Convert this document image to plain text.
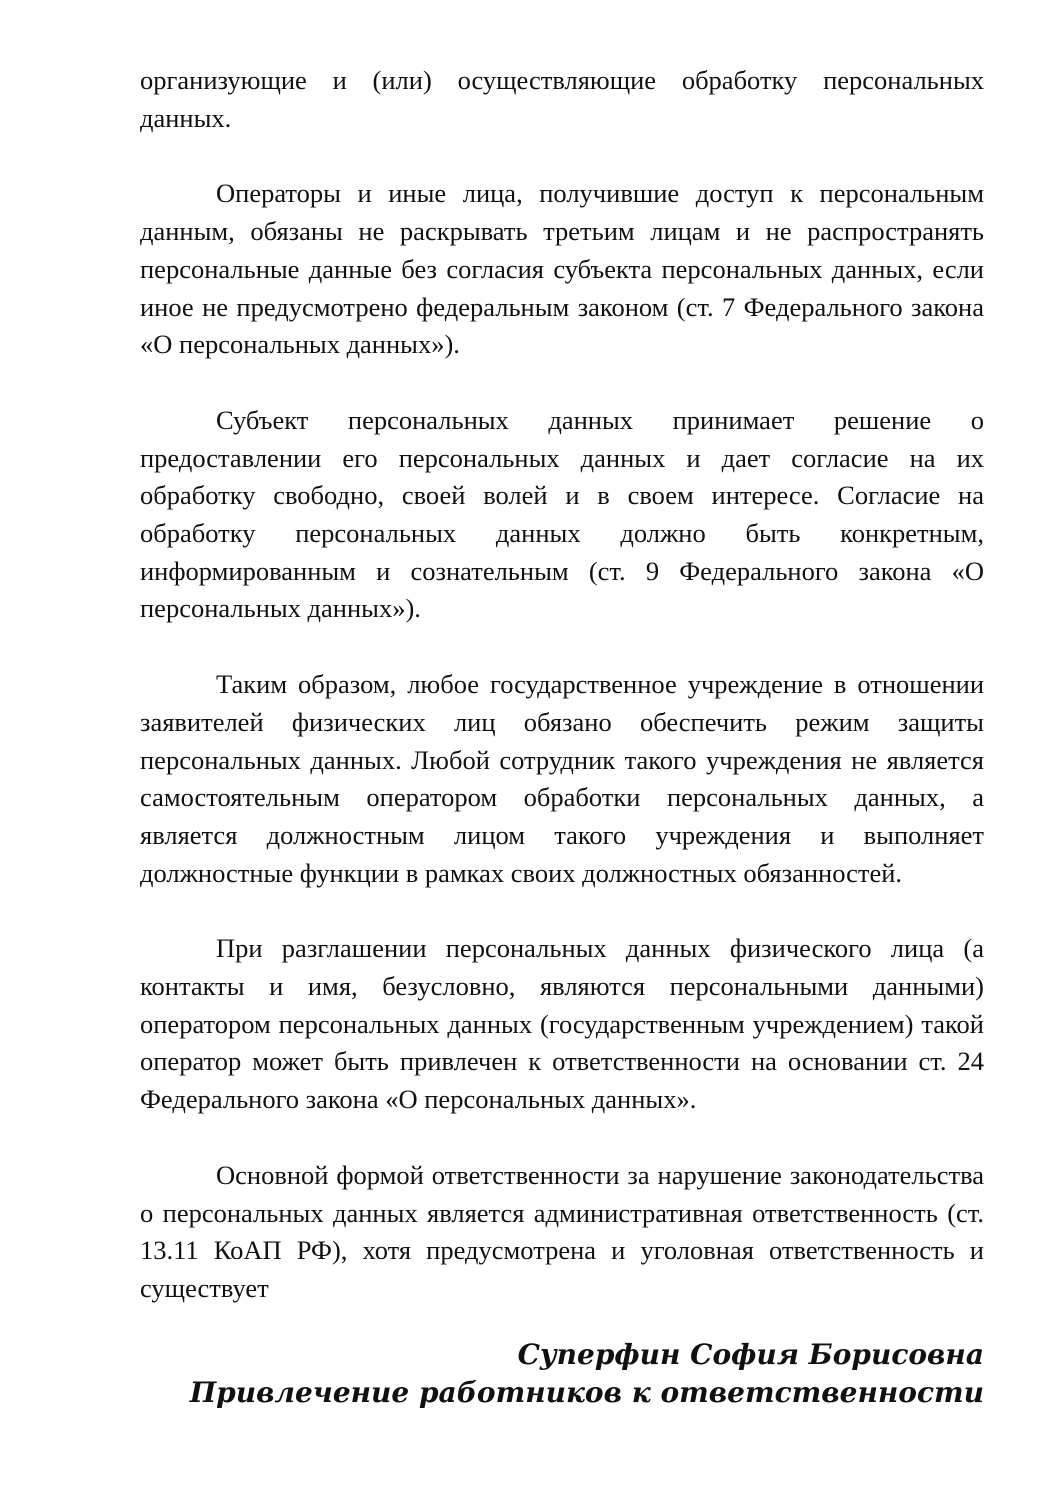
организующие и (или) осуществляющие обработку персональных данных.

Операторы и иные лица, получившие доступ к персональным данным, обязаны не раскрывать третьим лицам и не распространять персональные данные без согласия субъекта персональных данных, если иное не предусмотрено федеральным законом (ст. 7 Федерального закона «О персональных данных»).

Субъект персональных данных принимает решение о предоставлении его персональных данных и дает согласие на их обработку свободно, своей волей и в своем интересе. Согласие на обработку персональных данных должно быть конкретным, информированным и сознательным (ст. 9 Федерального закона «О персональных данных»).

Таким образом, любое государственное учреждение в отношении заявителей физических лиц обязано обеспечить режим защиты персональных данных. Любой сотрудник такого учреждения не является самостоятельным оператором обработки персональных данных, а является должностным лицом такого учреждения и выполняет должностные функции в рамках своих должностных обязанностей.

При разглашении персональных данных физического лица (а контакты и имя, безусловно, являются персональными данными) оператором персональных данных (государственным учреждением) такой оператор может быть привлечен к ответственности на основании ст. 24 Федерального закона «О персональных данных».

Основной формой ответственности за нарушение законодательства о персональных данных является административная ответственность (ст. 13.11 КоАП РФ), хотя предусмотрена и уголовная ответственность и существует

Суперфин София Борисовна
Привлечение работников к ответственности
